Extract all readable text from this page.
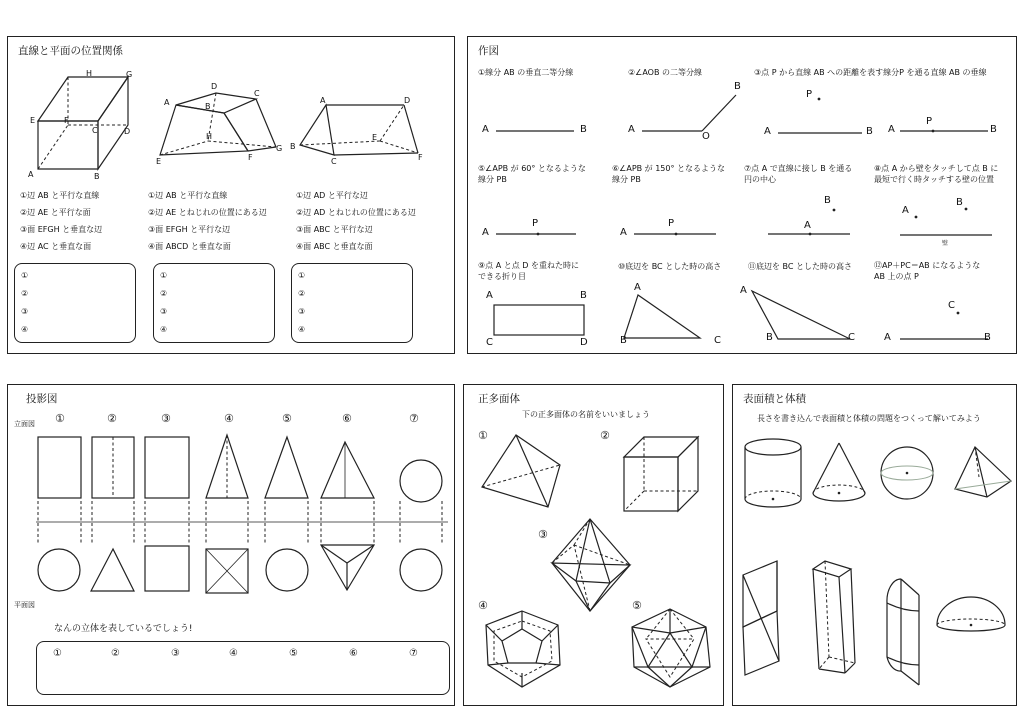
直線と平面の位置関係
H	G
E	F
D
C
A	B
D
C
A	B
H
G
E	F
A	D
B
C
E
F
①辺 AB と平行な直線
②辺 AE と平行な面
③面 EFGH と垂直な辺
④辺 AC と垂直な面
①辺 AB と平行な直線
②辺 AE とねじれの位置にある辺
③面 EFGH と平行な辺
④面 ABCD と垂直な面
①辺 AD と平行な辺
②辺 AD とねじれの位置にある辺
③面 ABC と平行な辺
④面 ABC と垂直な面
①
②
③
④
①
②
③
④
①
②
③
④
作図
①線分 AB の垂直二等分線
A	B
②∠AOB の二等分線
A
O
B
③点 P から直線 AB への距離を表す線分P を通る直線 AB の垂線
P
A	B A
P
B
⑤∠APB が 60° となるような
線分 PB
A
P
⑥∠APB が 150° となるような
線分 PB
A
P
⑦点 A で直線に接し B を通る
円の中心
B
A
⑧点 A から壁をタッチして点 B に
最短で行く時タッチする壁の位置
A
B
壁
⑨点 A と点 D を重ねた時に
できる折り目
A	B
C	D
⑩底辺を BC とした時の高さ
A
B	C
⑪底辺を BC とした時の高さ
A
B	C
⑫AP＋PC＝AB になるような
AB 上の点 P
C
A	B
投影図
立面図
平面図
①	②	③	④	⑤	⑥	⑦
なんの立体を表しているでしょう!
①	②	③	④	⑤	⑥	⑦
正多面体
下の正多面体の名前をいいましょう
①	②
③
④	⑤
表面積と体積
長さを書き込んで表面積と体積の問題をつくって解いてみよう
